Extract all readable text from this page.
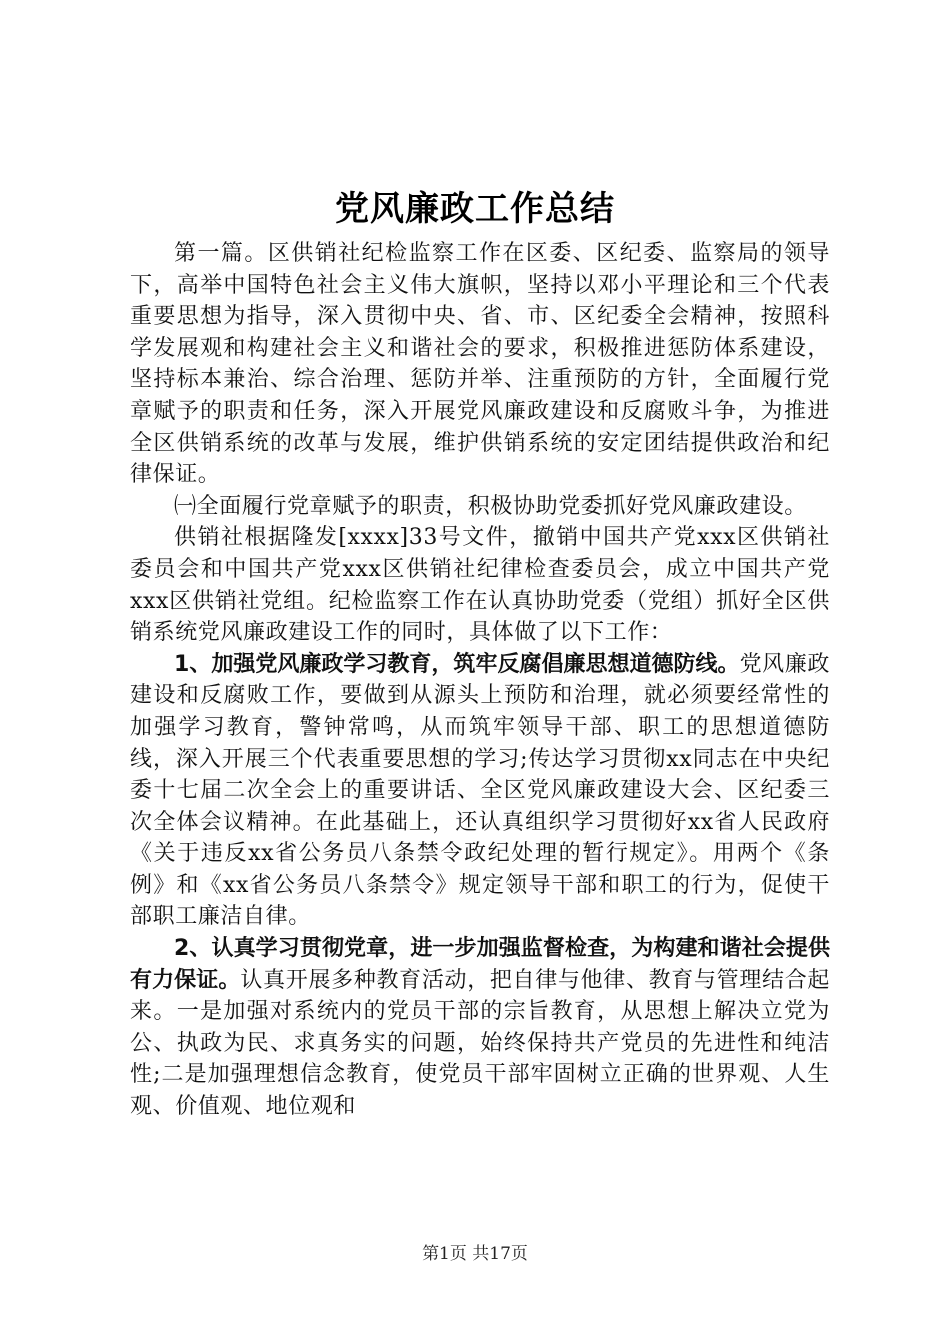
党风廉政工作总结

第一篇。区供销社纪检监察工作在区委、区纪委、监察局的领导下，高举中国特色社会主义伟大旗帜，坚持以邓小平理论和三个代表重要思想为指导，深入贯彻中央、省、市、区纪委全会精神，按照科学发展观和构建社会主义和谐社会的要求，积极推进惩防体系建设，坚持标本兼治、综合治理、惩防并举、注重预防的方针，全面履行党章赋予的职责和任务，深入开展党风廉政建设和反腐败斗争，为推进全区供销系统的改革与发展，维护供销系统的安定团结提供政治和纪律保证。

㈠全面履行党章赋予的职责，积极协助党委抓好党风廉政建设。

供销社根据隆发[xxxx]33号文件，撤销中国共产党xxx区供销社委员会和中国共产党xxx区供销社纪律检查委员会，成立中国共产党xxx区供销社党组。纪检监察工作在认真协助党委（党组）抓好全区供销系统党风廉政建设工作的同时，具体做了以下工作：

1、加强党风廉政学习教育，筑牢反腐倡廉思想道德防线。党风廉政建设和反腐败工作，要做到从源头上预防和治理，就必须要经常性的加强学习教育，警钟常鸣，从而筑牢领导干部、职工的思想道德防线，深入开展三个代表重要思想的学习;传达学习贯彻xx同志在中央纪委十七届二次全会上的重要讲话、全区党风廉政建设大会、区纪委三次全体会议精神。在此基础上，还认真组织学习贯彻好xx省人民政府《关于违反xx省公务员八条禁令政纪处理的暂行规定》。用两个《条例》和《xx省公务员八条禁令》规定领导干部和职工的行为，促使干部职工廉洁自律。

2、认真学习贯彻党章，进一步加强监督检查，为构建和谐社会提供有力保证。认真开展多种教育活动，把自律与他律、教育与管理结合起来。一是加强对系统内的党员干部的宗旨教育，从思想上解决立党为公、执政为民、求真务实的问题，始终保持共产党员的先进性和纯洁性;二是加强理想信念教育，使党员干部牢固树立正确的世界观、人生观、价值观、地位观和

第1页 共17页
